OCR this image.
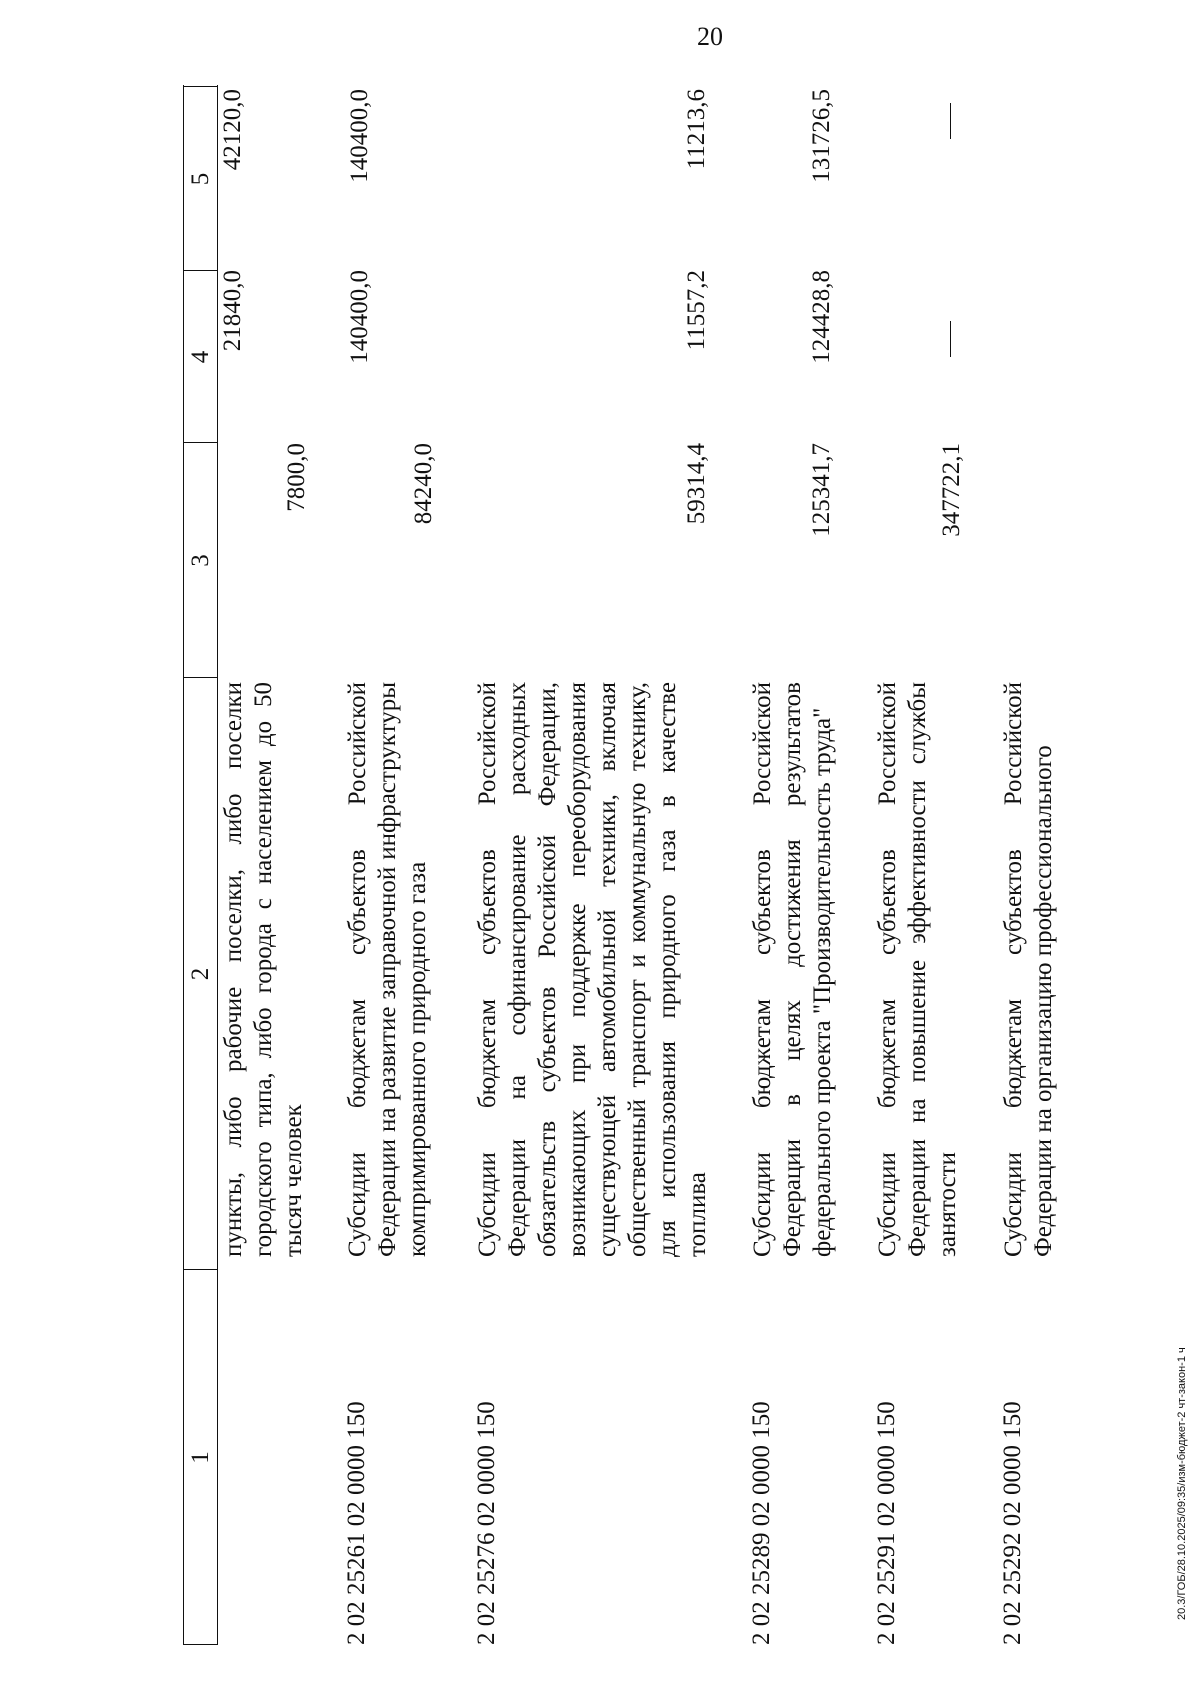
20
20.3/ГОБ/28.10.2025/09:35/изм-бюджет-2 чт-закон-1 ч
1
2
3
4
5
пункты, либо рабочие поселки, либо поселки городского типа, либо города с населением до 50 тысяч человек
7800,0
21840,0
42120,0
2 02 25261 02 0000 150
Субсидии бюджетам субъектов Российской Федерации на развитие заправочной инфраструктуры компримированного природного газа
84240,0
140400,0
140400,0
2 02 25276 02 0000 150
Субсидии бюджетам субъектов Российской Федерации на софинансирование расходных обязательств субъектов Российской Федерации, возникающих при поддержке переоборудования существующей автомобильной техники, включая общественный транспорт и коммунальную технику, для использования природного газа в качестве топлива
59314,4
11557,2
11213,6
2 02 25289 02 0000 150
Субсидии бюджетам субъектов Российской Федерации в целях достижения результатов федерального проекта "Производительность труда"
125341,7
124428,8
131726,5
2 02 25291 02 0000 150
Субсидии бюджетам субъектов Российской Федерации на повышение эффективности службы занятости
347722,1
2 02 25292 02 0000 150
Субсидии бюджетам субъектов Российской Федерации на организацию профессионального
